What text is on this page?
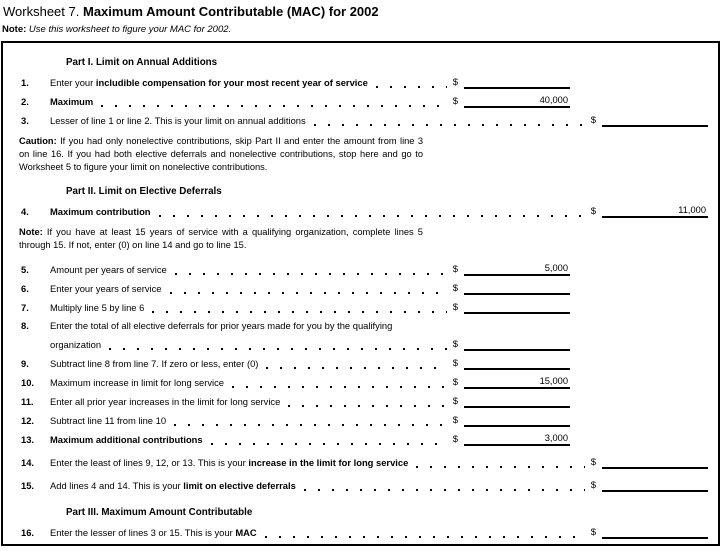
Worksheet 7. Maximum Amount Contributable (MAC) for 2002
Note: Use this worksheet to figure your MAC for 2002.
Part I. Limit on Annual Additions
1.	Enter your includible compensation for your most recent year of service	$
2.	Maximum	$	40,000
3.	Lesser of line 1 or line 2. This is your limit on annual additions	$
Caution: If you had only nonelective contributions, skip Part II and enter the amount from line 3 on line 16. If you had both elective deferrals and nonelective contributions, stop here and go to Worksheet 5 to figure your limit on nonelective contributions.
Part II. Limit on Elective Deferrals
4.	Maximum contribution	$	11,000
Note: If you have at least 15 years of service with a qualifying organization, complete lines 5 through 15. If not, enter (0) on line 14 and go to line 15.
5.	Amount per years of service	$	5,000
6.	Enter your years of service	$
7.	Multiply line 5 by line 6	$
8.	Enter the total of all elective deferrals for prior years made for you by the qualifying
organization	$
9.	Subtract line 8 from line 7. If zero or less, enter (0)	$
10.	Maximum increase in limit for long service	$	15,000
11.	Enter all prior year increases in the limit for long service	$
12.	Subtract line 11 from line 10	$
13.	Maximum additional contributions	$	3,000
14.	Enter the least of lines 9, 12, or 13. This is your increase in the limit for long service	$
15.	Add lines 4 and 14. This is your limit on elective deferrals	$
Part III. Maximum Amount Contributable
16.	Enter the lesser of lines 3 or 15. This is your MAC	$
